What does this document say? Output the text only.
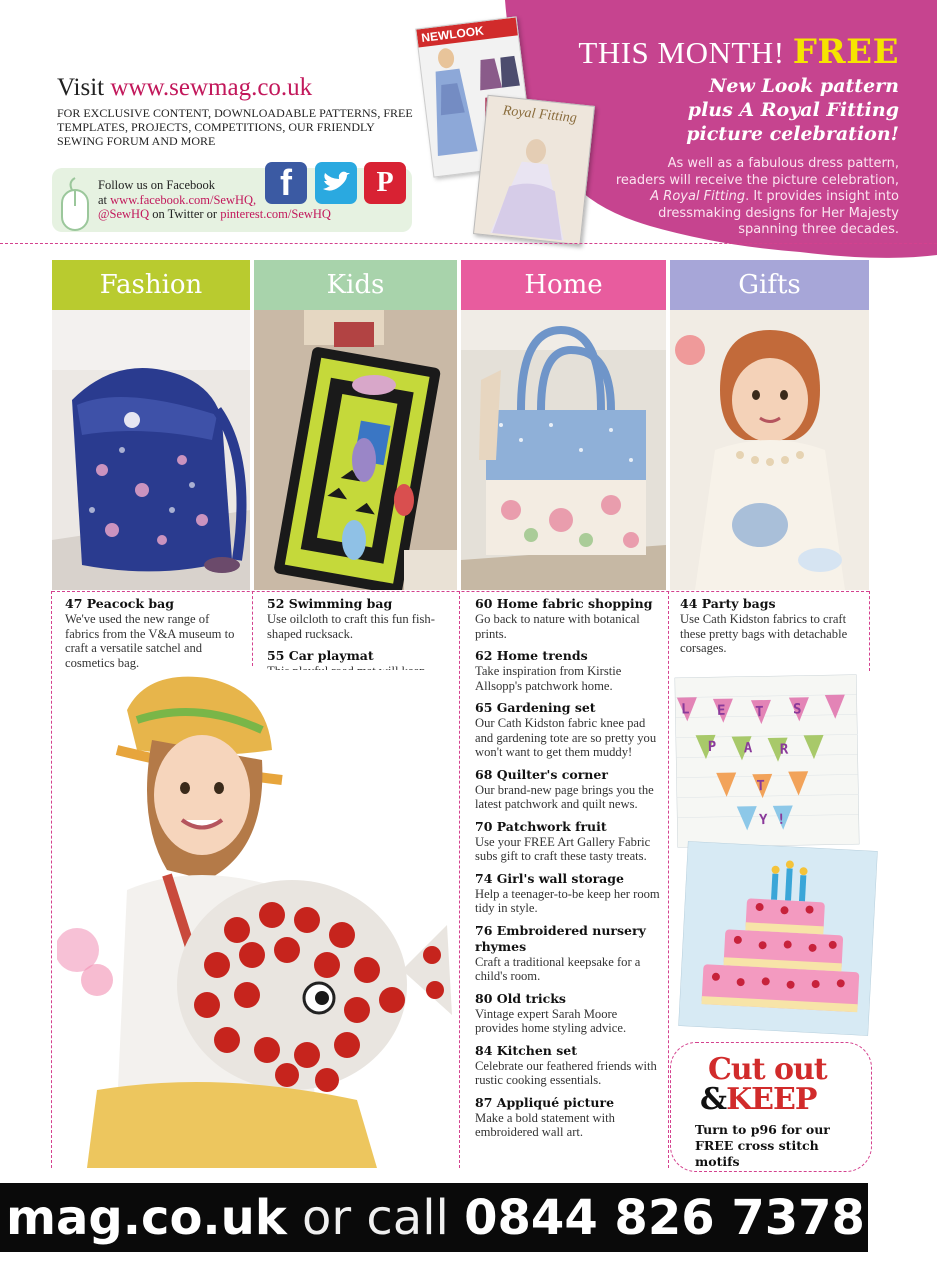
NEWLOOK
Royal Fitting
THIS MONTH! FREE
New Look pattern
plus A Royal Fitting
picture celebration!
As well as a fabulous dress pattern,
readers will receive the picture celebration,
A Royal Fitting. It provides insight into
dressmaking designs for Her Majesty
spanning three decades.
Visit www.sewmag.co.uk
FOR EXCLUSIVE CONTENT, DOWNLOADABLE PATTERNS, FREE TEMPLATES, PROJECTS, COMPETITIONS, OUR FRIENDLY SEWING FORUM AND MORE
Follow us on Facebook
at www.facebook.com/SewHQ,
@SewHQ on Twitter or pinterest.com/SewHQ
f	P
Fashion	Kids	Home	Gifts
47 Peacock bag
We've used the new range of fabrics from the V&A museum to craft a versatile satchel and cosmetics bag.
52 Swimming bag
Use oilcloth to craft this fun fish-shaped rucksack.
55 Car playmat
60 Home fabric shopping
Go back to nature with botanical prints.
62 Home trends
Take inspiration from Kirstie Allsopp's patchwork home.
65 Gardening set
Our Cath Kidston fabric knee pad and gardening tote are so pretty you won't want to get them muddy!
68 Quilter's corner
Our brand-new page brings you the latest patchwork and quilt news.
70 Patchwork fruit
Use your FREE Art Gallery Fabric subs gift to craft these tasty treats.
74 Girl's wall storage
Help a teenager-to-be keep her room tidy in style.
76 Embroidered nursery rhymes
Craft a traditional keepsake for a child's room.
80 Old tricks
Vintage expert Sarah Moore provides home styling advice.
84 Kitchen set
Celebrate our feathered friends with rustic cooking essentials.
87 Appliqué picture
Make a bold statement with embroidered wall art.
44 Party bags
Use Cath Kidston fabrics to craft these pretty bags with detachable corsages.
L E T S
P A R
T
Y !
Cut out
&KEEP
Turn to p96 for our FREE cross stitch motifs
mag.co.uk or call 0844 826 7378
